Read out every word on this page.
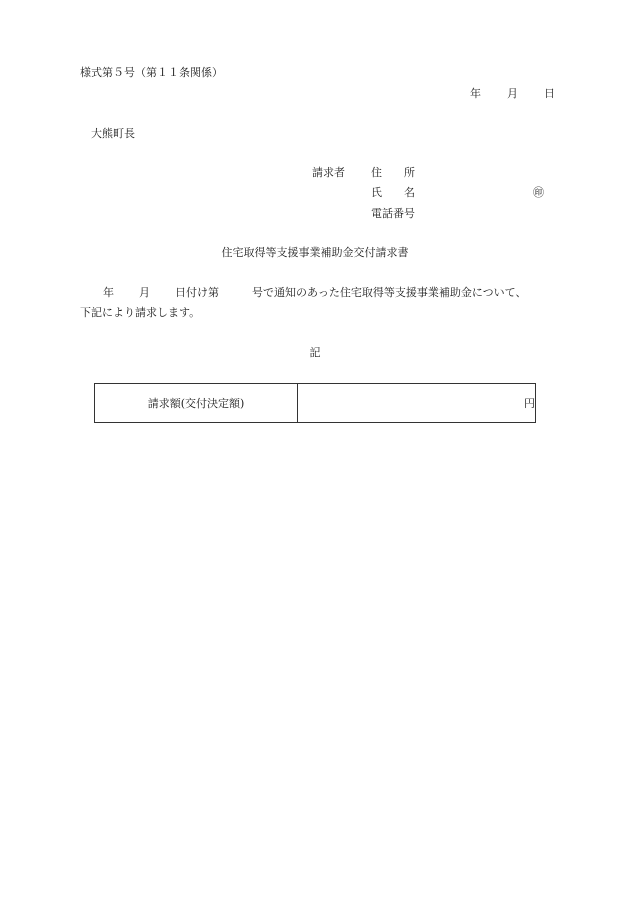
様式第５号（第１１条関係）
年 月 日
大熊町長
請求者 住　　所
氏　　名	㊞
電話番号
住宅取得等支援事業補助金交付請求書
年 月 日付け第	号で通知のあった住宅取得等支援事業補助金について、
下記により請求します。
記
請求額(交付決定額)	円
